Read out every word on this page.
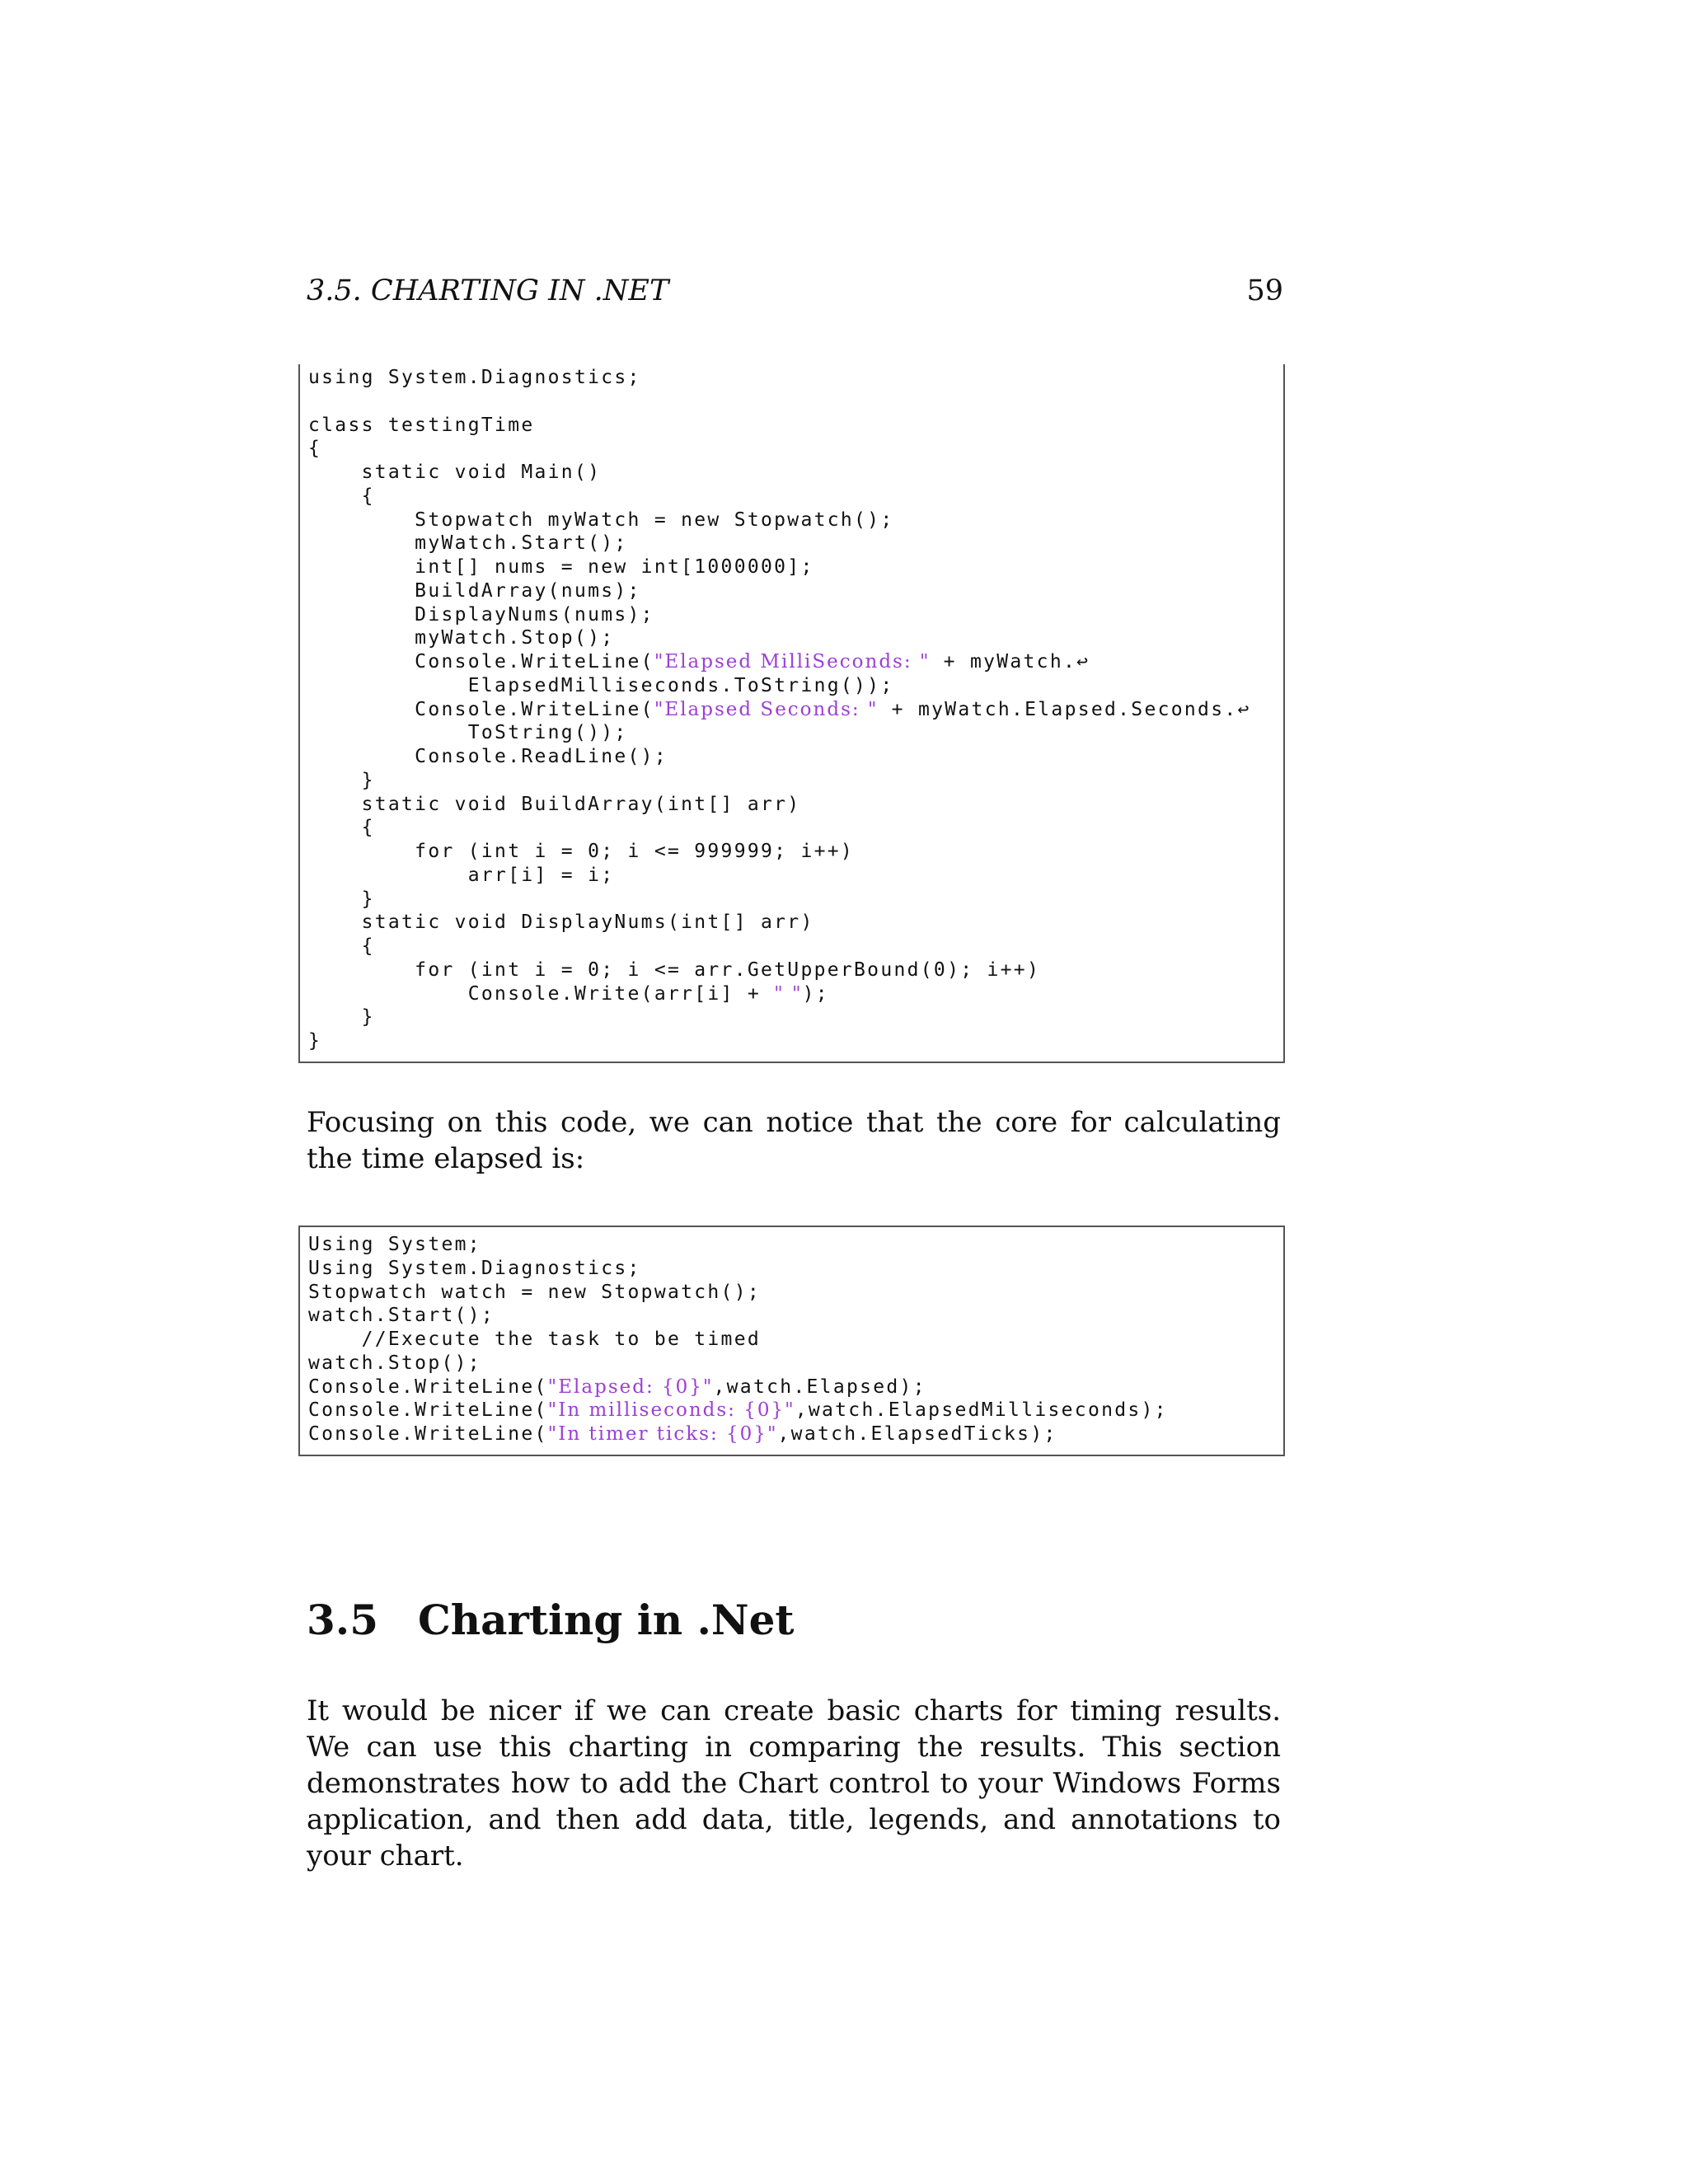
3.5. CHARTING IN .NET	59
using System.Diagnostics;
class testingTime
{
static void Main()
{
Stopwatch myWatch = new Stopwatch();
myWatch.Start();
int[] nums = new int[1000000];
BuildArray(nums);
DisplayNums(nums);
myWatch.Stop();
Console.WriteLine("Elapsed MilliSeconds: " + myWatch.↩
ElapsedMilliseconds.ToString());
Console.WriteLine("Elapsed Seconds: " + myWatch.Elapsed.Seconds.↩
ToString());
Console.ReadLine();
}
static void BuildArray(int[] arr)
{
for (int i = 0; i <= 999999; i++)
arr[i] = i;
}
static void DisplayNums(int[] arr)
{
for (int i = 0; i <= arr.GetUpperBound(0); i++)
Console.Write(arr[i] + " ");
}
}

Focusing on this code, we can notice that the core for calculating the time elapsed is:

Using System;
Using System.Diagnostics;
Stopwatch watch = new Stopwatch();
watch.Start();
//Execute the task to be timed
watch.Stop();
Console.WriteLine("Elapsed: {0}",watch.Elapsed);
Console.WriteLine("In milliseconds: {0}",watch.ElapsedMilliseconds);
Console.WriteLine("In timer ticks: {0}",watch.ElapsedTicks);
3.5 Charting in .Net

It would be nicer if we can create basic charts for timing results. We can use this charting in comparing the results. This section demonstrates how to add the Chart control to your Windows Forms application, and then add data, title, legends, and annotations to your chart.
